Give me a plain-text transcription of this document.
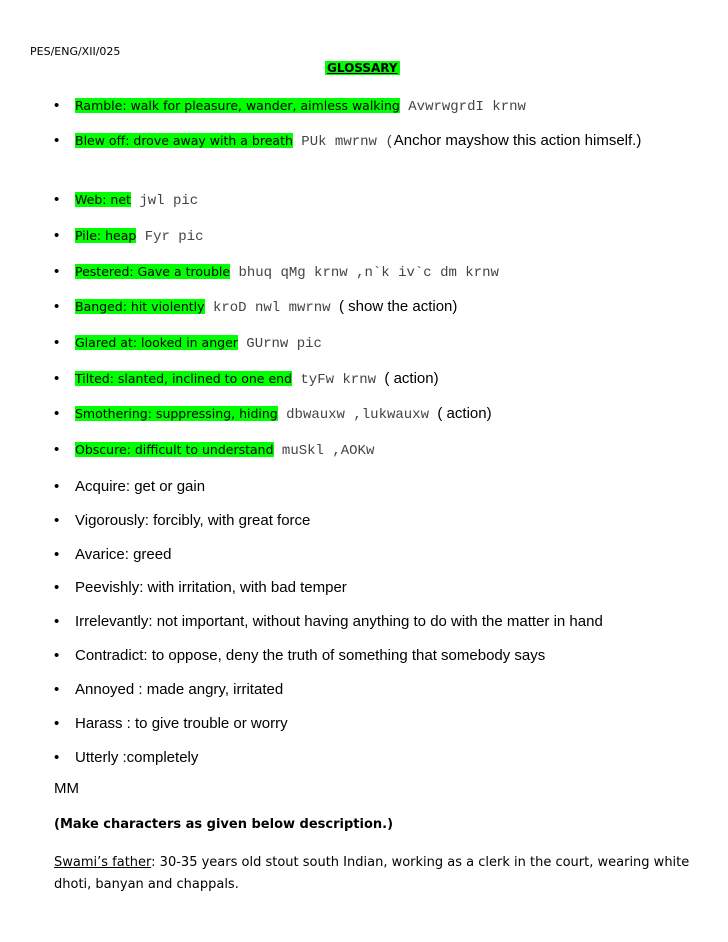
PES/ENG/XII/025
GLOSSARY
• Ramble: walk for pleasure, wander, aimless walking AvwrwgrdI krnw
• Blew off: drove away with a breath PUk mwrnw (Anchor mayshow this action himself.)
• Web: net jwl pic
• Pile: heap Fyr pic
• Pestered: Gave a trouble bhuq qMg krnw ,n`k iv`c dm krnw
• Banged: hit violently kroD nwl mwrnw ( show the action)
• Glared at: looked in anger GUrnw pic
• Tilted: slanted, inclined to one end tyFw krnw ( action)
• Smothering: suppressing, hiding dbwauxw ,lukwauxw ( action)
• Obscure: difficult to understand muSkl ,AOKw
• Acquire: get or gain
• Vigorously: forcibly, with great force
• Avarice: greed
• Peevishly: with irritation, with bad temper
• Irrelevantly: not important, without having anything to do with the matter in hand
• Contradict: to oppose, deny the truth of something that somebody says
• Annoyed : made angry, irritated
• Harass : to give trouble or worry
• Utterly :completely
MM
(Make characters as given below description.)
Swami’s father: 30-35 years old stout south Indian, working as a clerk in the court, wearing white dhoti, banyan and chappals.
